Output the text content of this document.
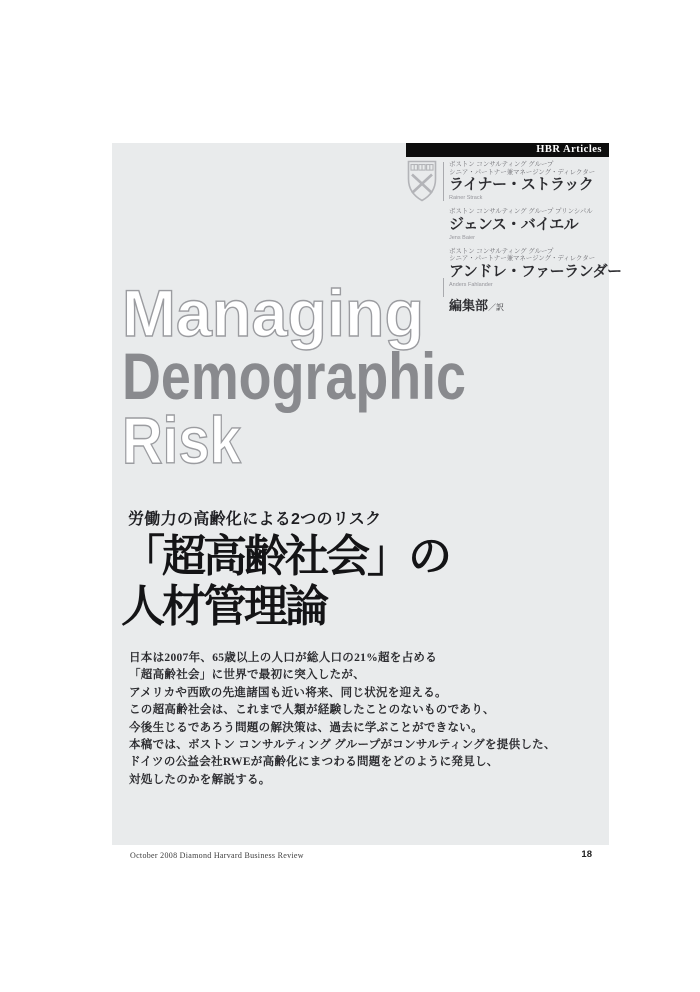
HBR Articles
ボストン コンサルティング グループ
シニア・パートナー兼マネージング・ディレクター
ライナー・ストラック
Rainer Strack
ボストン コンサルティング グループ プリンシパル
ジェンス・バイエル
Jens Baier
ボストン コンサルティング グループ
シニア・パートナー兼マネージング・ディレクター
アンドレ・ファーランダー
Anders Fahlander
編集部／訳
Managing
Demographic
Risk
労働力の高齢化による2つのリスク
「超高齢社会」の
人材管理論
日本は2007年、65歳以上の人口が総人口の21%超を占める
「超高齢社会」に世界で最初に突入したが、
アメリカや西欧の先進諸国も近い将来、同じ状況を迎える。
この超高齢社会は、これまで人類が経験したことのないものであり、
今後生じるであろう問題の解決策は、過去に学ぶことができない。
本稿では、ボストン コンサルティング グループがコンサルティングを提供した、
ドイツの公益会社RWEが高齢化にまつわる問題をどのように発見し、
対処したのかを解説する。
October 2008 Diamond Harvard Business Review	18
